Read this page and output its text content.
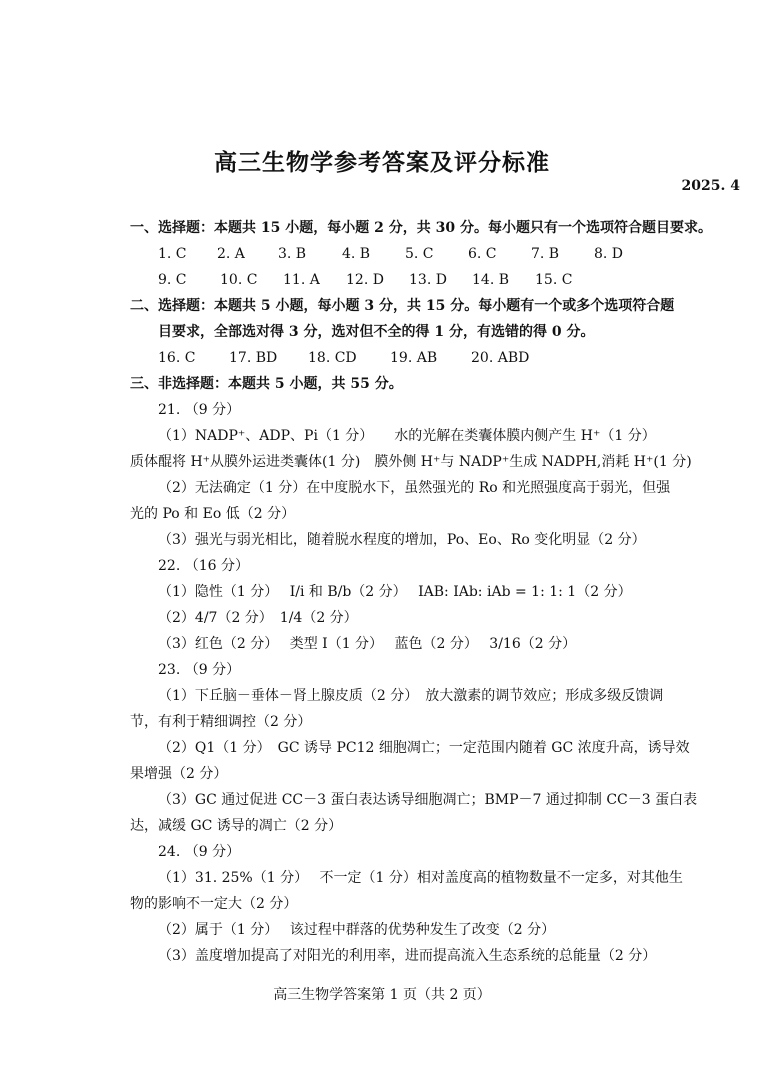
高三生物学参考答案及评分标准
2025. 4
一、选择题：本题共 15 小题，每小题 2 分，共 30 分。每小题只有一个选项符合题目要求。
1. C 2. A 3. B	4. B 5. C 6. C 7. B 8. D
9. C 10. C 11. A 12. D 13. D 14. B 15. C
二、选择题：本题共 5 小题，每小题 3 分，共 15 分。每小题有一个或多个选项符合题
目要求，全部选对得 3 分，选对但不全的得 1 分，有选错的得 0 分。
16. C 17. BD 18. CD 19. AB 20. ABD
三、非选择题：本题共 5 小题，共 55 分。
21. （9 分）
（1）NADP⁺、ADP、Pi（1 分）　　水的光解在类囊体膜内侧产生 H⁺（1 分）
质体醌将 H⁺从膜外运进类囊体(1 分)　膜外侧 H⁺与 NADP⁺生成 NADPH,消耗 H⁺(1 分)
（2）无法确定（1 分）在中度脱水下，虽然强光的 Ro 和光照强度高于弱光，但强
光的 Po 和 Eo 低（2 分）
（3）强光与弱光相比，随着脱水程度的增加，Po、Eo、Ro 变化明显（2 分）
22. （16 分）
（1）隐性（1 分）　 I/i 和 B/b（2 分）　 IAB: IAb: iAb = 1: 1: 1（2 分）
（2）4/7（2 分）　1/4（2 分）
（3）红色（2 分）　 类型 Ⅰ（1 分）　 蓝色（2 分）　 3/16（2 分）
23. （9 分）
（1）下丘脑－垂体－肾上腺皮质（2 分）　放大激素的调节效应；形成多级反馈调
节，有利于精细调控（2 分）
（2）Q1（1 分）　GC 诱导 PC12 细胞凋亡；一定范围内随着 GC 浓度升高，诱导效
果增强（2 分）
（3）GC 通过促进 CC－3 蛋白表达诱导细胞凋亡；BMP－7 通过抑制 CC－3 蛋白表
达，减缓 GC 诱导的凋亡（2 分）
24. （9 分）
（1）31. 25%（1 分）　 不一定（1 分）相对盖度高的植物数量不一定多，对其他生
物的影响不一定大（2 分）
（2）属于（1 分）　 该过程中群落的优势种发生了改变（2 分）
（3）盖度增加提高了对阳光的利用率，进而提高流入生态系统的总能量（2 分）
高三生物学答案第 1 页（共 2 页）
